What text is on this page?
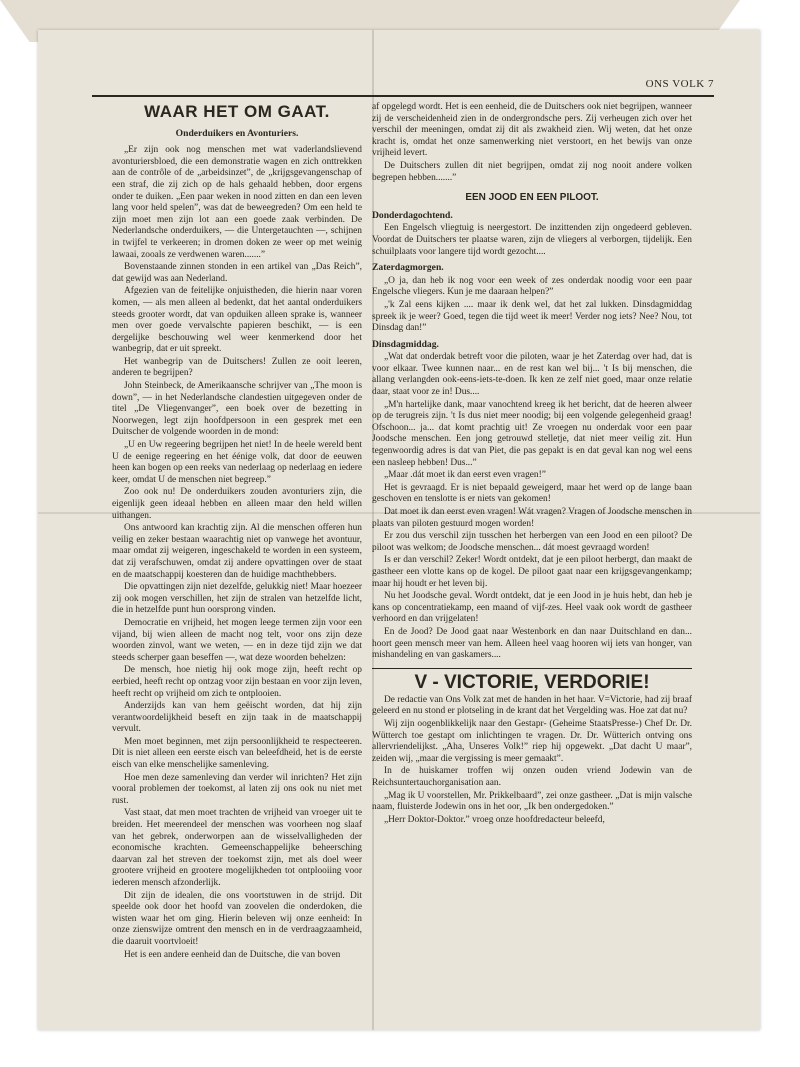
ONS VOLK 7
WAAR HET OM GAAT.
Onderduikers en Avonturiers.

„Er zijn ook nog menschen met wat vaderlandslievend avonturiersbloed, die een demonstratie wagen en zich onttrekken aan de contrôle of de „arbeidsinzet”, de „krijgsgevangenschap of een straf, die zij zich op de hals gehaald hebben, door ergens onder te duiken. „Een paar weken in nood zitten en dan een leven lang voor held spelen”, was dat de beweegreden? Om een held te zijn moet men zijn lot aan een goede zaak verbinden. De Nederlandsche onderduikers, — die Untergetauchten —, schijnen in twijfel te verkeeren; in dromen doken ze weer op met weinig lawaai, zooals ze verdwenen waren.......”

Bovenstaande zinnen stonden in een artikel van „Das Reich”, dat gewijd was aan Nederland.

Afgezien van de feitelijke onjuistheden, die hierin naar voren komen, — als men alleen al bedenkt, dat het aantal onderduikers steeds grooter wordt, dat van opduiken alleen sprake is, wanneer men over goede vervalschte papieren beschikt, — is een dergelijke beschouwing wel weer kenmerkend door het wanbegrip, dat er uit spreekt.

Het wanbegrip van de Duitschers! Zullen ze ooit leeren, anderen te begrijpen?

John Steinbeck, de Amerikaansche schrijver van „The moon is down”, — in het Nederlandsche clandestien uitgegeven onder de titel „De Vliegenvanger”, een boek over de bezetting in Noorwegen, legt zijn hoofdpersoon in een gesprek met een Duitscher de volgende woorden in de mond:

„U en Uw regeering begrijpen het niet! In de heele wereld bent U de eenige regeering en het éénige volk, dat door de eeuwen heen kan bogen op een reeks van nederlaag op nederlaag en iedere keer, omdat U de menschen niet begreep.”

Zoo ook nu! De onderduikers zouden avonturiers zijn, die eigenlijk geen ideaal hebben en alleen maar den held willen uithangen.

Ons antwoord kan krachtig zijn. Al die menschen offeren hun veilig en zeker bestaan waarachtig niet op vanwege het avontuur, maar omdat zij weigeren, ingeschakeld te worden in een systeem, dat zij verafschuwen, omdat zij andere opvattingen over de staat en de maatschappij koesteren dan de huidige machthebbers.

Die opvattingen zijn niet dezelfde, gelukkig niet! Maar hoezeer zij ook mogen verschillen, het zijn de stralen van hetzelfde licht, die in hetzelfde punt hun oorsprong vinden.

Democratie en vrijheid, het mogen leege termen zijn voor een vijand, bij wien alleen de macht nog telt, voor ons zijn deze woorden zinvol, want we weten, — en in deze tijd zijn we dat steeds scherper gaan beseffen —, wat deze woorden behelzen:

De mensch, hoe nietig hij ook moge zijn, heeft recht op eerbied, heeft recht op ontzag voor zijn bestaan en voor zijn leven, heeft recht op vrijheid om zich te ontplooien.

Anderzijds kan van hem geëischt worden, dat hij zijn verantwoordelijkheid beseft en zijn taak in de maatschappij vervult.

Men moet beginnen, met zijn persoonlijkheid te respecteeren. Dit is niet alleen een eerste eisch van beleefdheid, het is de eerste eisch van elke menschelijke samenleving.

Hoe men deze samenleving dan verder wil inrichten? Het zijn vooral problemen der toekomst, al laten zij ons ook nu niet met rust.

Vast staat, dat men moet trachten de vrijheid van vroeger uit te breiden. Het meerendeel der menschen was voorheen nog slaaf van het gebrek, onderworpen aan de wisselvalligheden der economische krachten. Gemeenschappelijke beheersching daarvan zal het streven der toekomst zijn, met als doel weer grootere vrijheid en grootere mogelijkheden tot ontplooiing voor iederen mensch afzonderlijk.

Dit zijn de idealen, die ons voortstuwen in de strijd. Dit speelde ook door het hoofd van zoovelen die onderdoken, die wisten waar het om ging. Hierin beleven wij onze eenheid: In onze zienswijze omtrent den mensch en in de verdraagzaamheid, die daaruit voortvloeit!

Het is een andere eenheid dan de Duitsche, die van boven

af opgelegd wordt. Het is een eenheid, die de Duitschers ook niet begrijpen, wanneer zij de verscheidenheid zien in de ondergrondsche pers. Zij verheugen zich over het verschil der meeningen, omdat zij dit als zwakheid zien. Wij weten, dat het onze kracht is, omdat het onze samenwerking niet verstoort, en het bewijs van onze vrijheid levert.

De Duitschers zullen dit niet begrijpen, omdat zij nog nooit andere volken begrepen hebben.......”

EEN JOOD EN EEN PILOOT.
Donderdagochtend.

Een Engelsch vliegtuig is neergestort. De inzittenden zijn ongedeerd gebleven. Voordat de Duitschers ter plaatse waren, zijn de vliegers al verborgen, tijdelijk. Een schuilplaats voor langere tijd wordt gezocht....

Zaterdagmorgen.

„O ja, dan heb ik nog voor een week of zes onderdak noodig voor een paar Engelsche vliegers. Kun je me daaraan helpen?”

„'k Zal eens kijken .... maar ik denk wel, dat het zal lukken. Dinsdagmiddag spreek ik je weer? Goed, tegen die tijd weet ik meer! Verder nog iets? Nee? Nou, tot Dinsdag dan!”

Dinsdagmiddag.

„Wat dat onderdak betreft voor die piloten, waar je het Zaterdag over had, dat is voor elkaar. Twee kunnen naar... en de rest kan wel bij... 't Is bij menschen, die allang verlangden ook-eens-iets-te-doen. Ik ken ze zelf niet goed, maar onze relatie daar, staat voor ze in! Dus....

„M'n hartelijke dank, maar vanochtend kreeg ik het bericht, dat de heeren alweer op de terugreis zijn. 't Is dus niet meer noodig; bij een volgende gelegenheid graag! Ofschoon... ja... dat komt prachtig uit! Ze vroegen nu onderdak voor een paar Joodsche menschen. Een jong getrouwd stelletje, dat niet meer veilig zit. Hun tegenwoordig adres is dat van Piet, die pas gepakt is en dat geval kan nog wel eens een nasleep hebben! Dus...”

„Maar .dát moet ik dan eerst even vragen!”

Het is gevraagd. Er is niet bepaald geweigerd, maar het werd op de lange baan geschoven en tenslotte is er niets van gekomen!

Dat moet ik dan eerst even vragen! Wát vragen? Vragen of Joodsche menschen in plaats van piloten gestuurd mogen worden!

Er zou dus verschil zijn tusschen het herbergen van een Jood en een piloot? De piloot was welkom; de Joodsche menschen... dát moest gevraagd worden!

Is er dan verschil? Zeker! Wordt ontdekt, dat je een piloot herbergt, dan maakt de gastheer een vlotte kans op de kogel. De piloot gaat naar een krijgsgevangenkamp; maar hij houdt er het leven bij.

Nu het Joodsche geval. Wordt ontdekt, dat je een Jood in je huis hebt, dan heb je kans op concentratiekamp, een maand of vijf-zes. Heel vaak ook wordt de gastheer verhoord en dan vrijgelaten!

En de Jood? De Jood gaat naar Westenbork en dan naar Duitschland en dan... hoort geen mensch meer van hem. Alleen heel vaag hooren wij iets van honger, van mishandeling en van gaskamers....

V - VICTORIE, VERDORIE!

De redactie van Ons Volk zat met de handen in het haar. V=Victorie, had zij braaf geleerd en nu stond er plotseling in de krant dat het Vergelding was. Hoe zat dat nu?

Wij zijn oogenblikkelijk naar den Gestapr- (Geheime StaatsPresse-) Chef Dr. Dr. Wütterch toe gestapt om inlichtingen te vragen. Dr. Dr. Wütterich ontving ons allervriendelijkst. „Aha, Unseres Volk!” riep hij opgewekt. „Dat dacht U maar”, zeiden wij, „maar die vergissing is meer gemaakt”.

In de huiskamer troffen wij onzen ouden vriend Jodewin van de Reichsuntertauchorganisation aan.

„Mag ik U voorstellen, Mr. Prikkelbaard”, zei onze gastheer. „Dat is mijn valsche naam, fluisterde Jodewin ons in het oor, „Ik ben ondergedoken.”

„Herr Doktor-Doktor.” vroeg onze hoofdredacteur beleefd,
